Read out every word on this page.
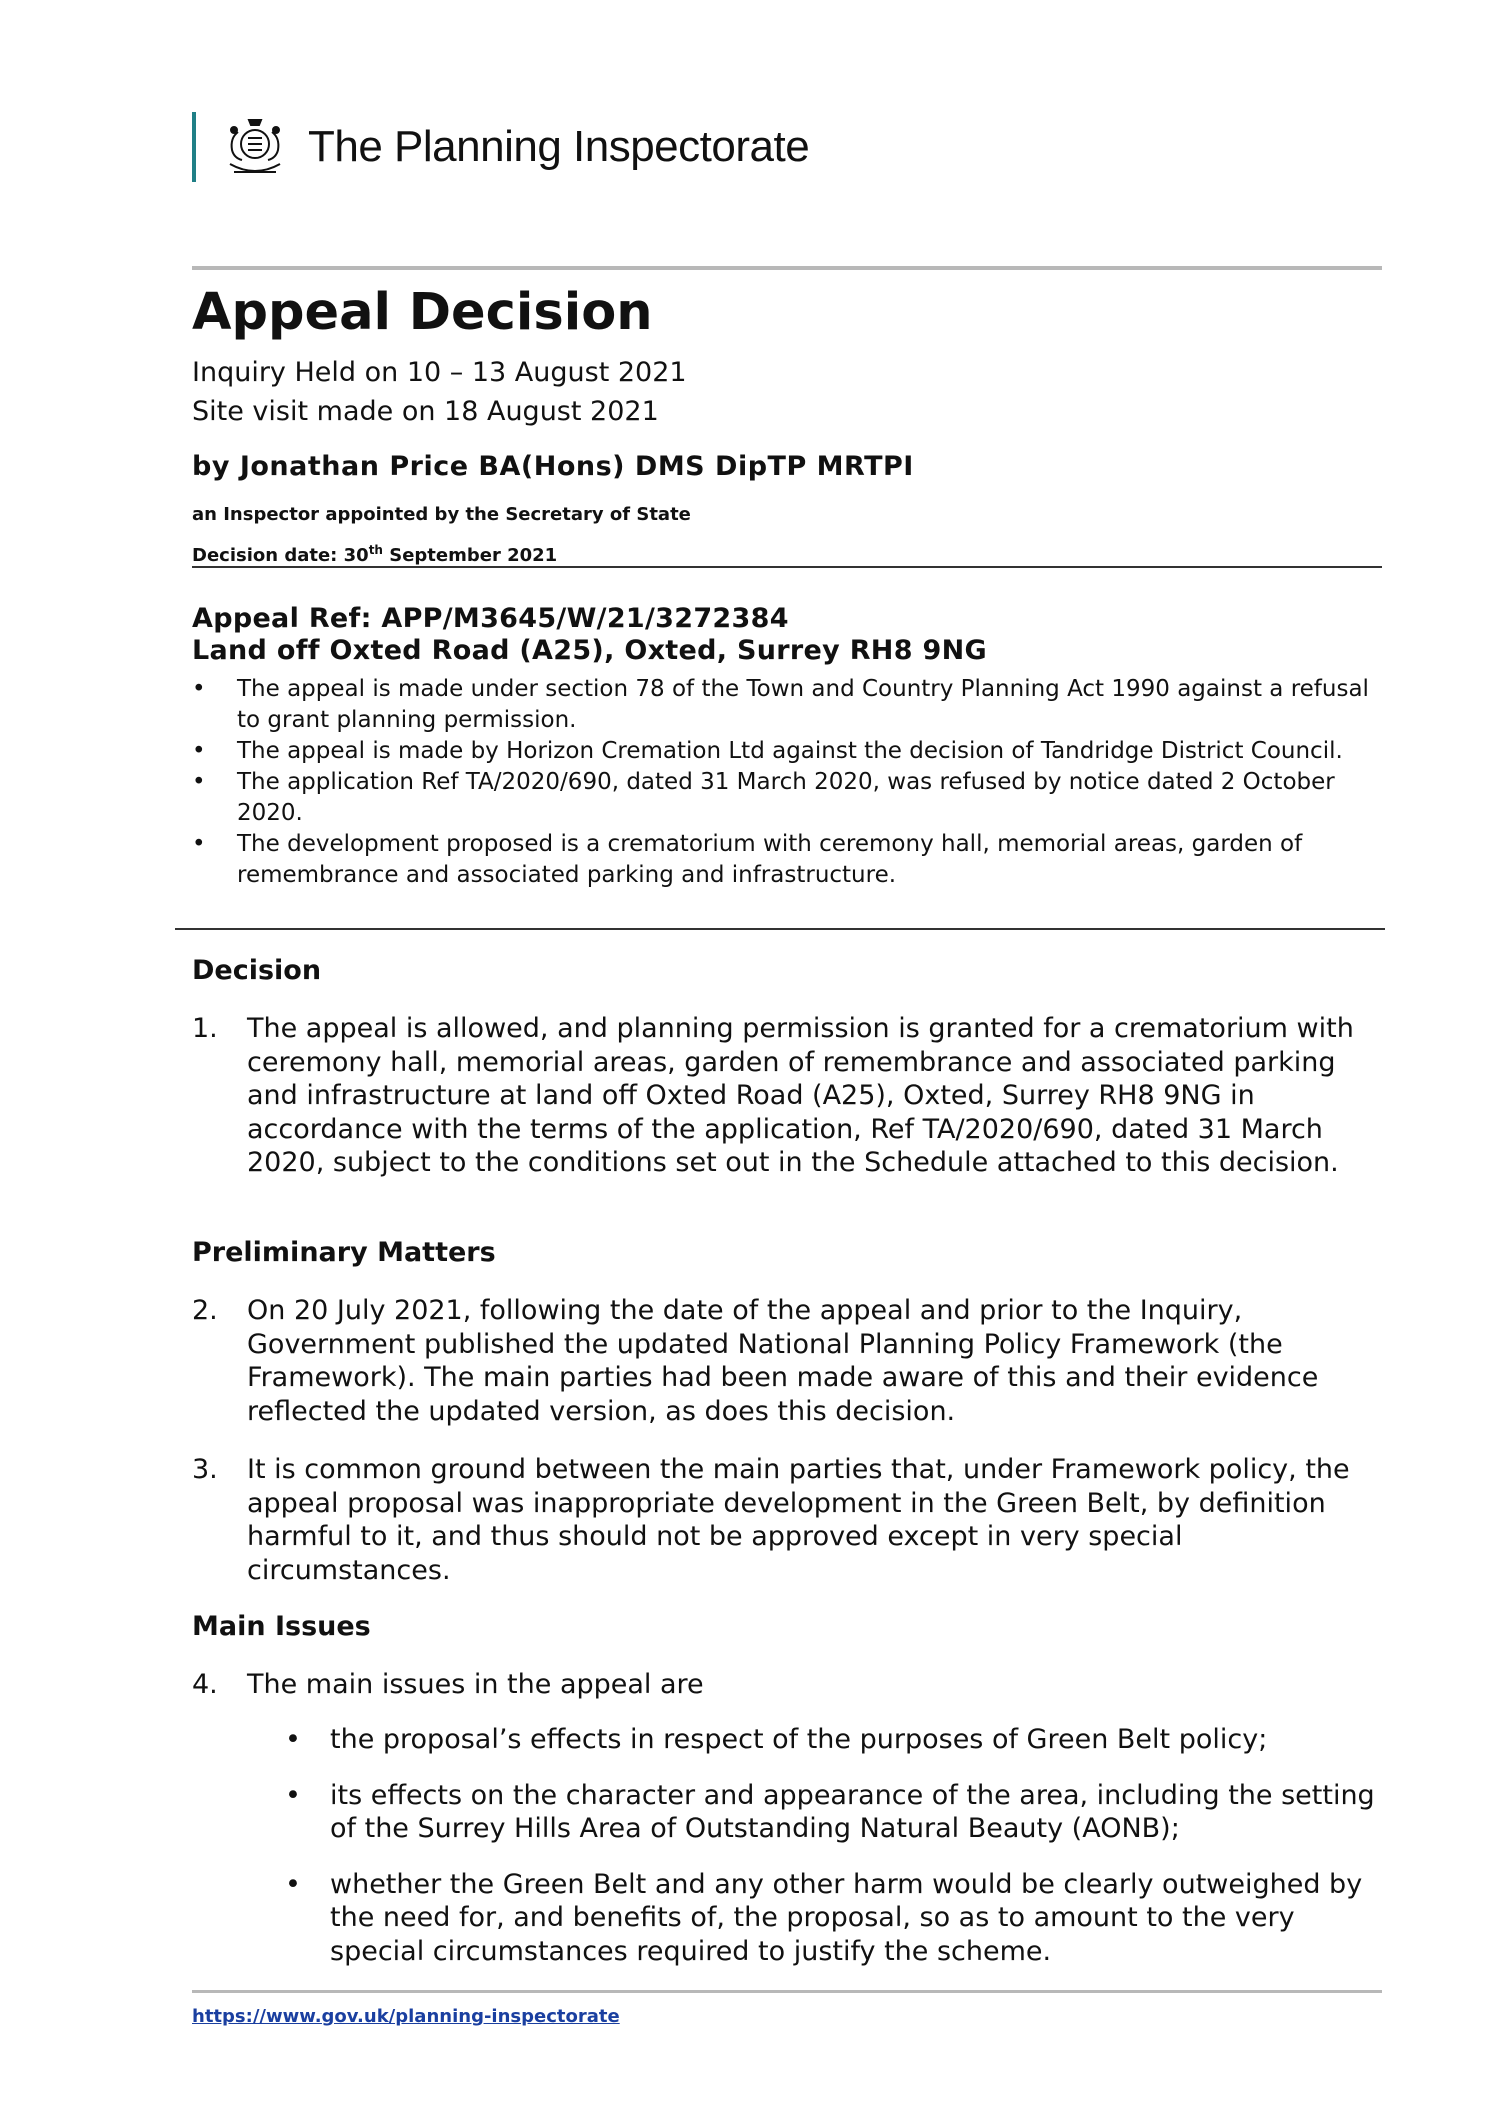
The Planning Inspectorate
Appeal Decision
Inquiry Held on 10 – 13 August 2021
Site visit made on 18 August 2021
by Jonathan Price BA(Hons) DMS DipTP MRTPI
an Inspector appointed by the Secretary of State
Decision date: 30th September 2021
Appeal Ref: APP/M3645/W/21/3272384
Land off Oxted Road (A25), Oxted, Surrey RH8 9NG
• The appeal is made under section 78 of the Town and Country Planning Act 1990 against a refusal to grant planning permission.
• The appeal is made by Horizon Cremation Ltd against the decision of Tandridge District Council.
• The application Ref TA/2020/690, dated 31 March 2020, was refused by notice dated 2 October 2020.
• The development proposed is a crematorium with ceremony hall, memorial areas, garden of remembrance and associated parking and infrastructure.
Decision
1. The appeal is allowed, and planning permission is granted for a crematorium with ceremony hall, memorial areas, garden of remembrance and associated parking and infrastructure at land off Oxted Road (A25), Oxted, Surrey RH8 9NG in accordance with the terms of the application, Ref TA/2020/690, dated 31 March 2020, subject to the conditions set out in the Schedule attached to this decision.
Preliminary Matters
2. On 20 July 2021, following the date of the appeal and prior to the Inquiry, Government published the updated National Planning Policy Framework (the Framework). The main parties had been made aware of this and their evidence reflected the updated version, as does this decision.
3. It is common ground between the main parties that, under Framework policy, the appeal proposal was inappropriate development in the Green Belt, by definition harmful to it, and thus should not be approved except in very special circumstances.
Main Issues
4. The main issues in the appeal are
• the proposal’s effects in respect of the purposes of Green Belt policy;
• its effects on the character and appearance of the area, including the setting of the Surrey Hills Area of Outstanding Natural Beauty (AONB);
• whether the Green Belt and any other harm would be clearly outweighed by the need for, and benefits of, the proposal, so as to amount to the very special circumstances required to justify the scheme.
https://www.gov.uk/planning-inspectorate
